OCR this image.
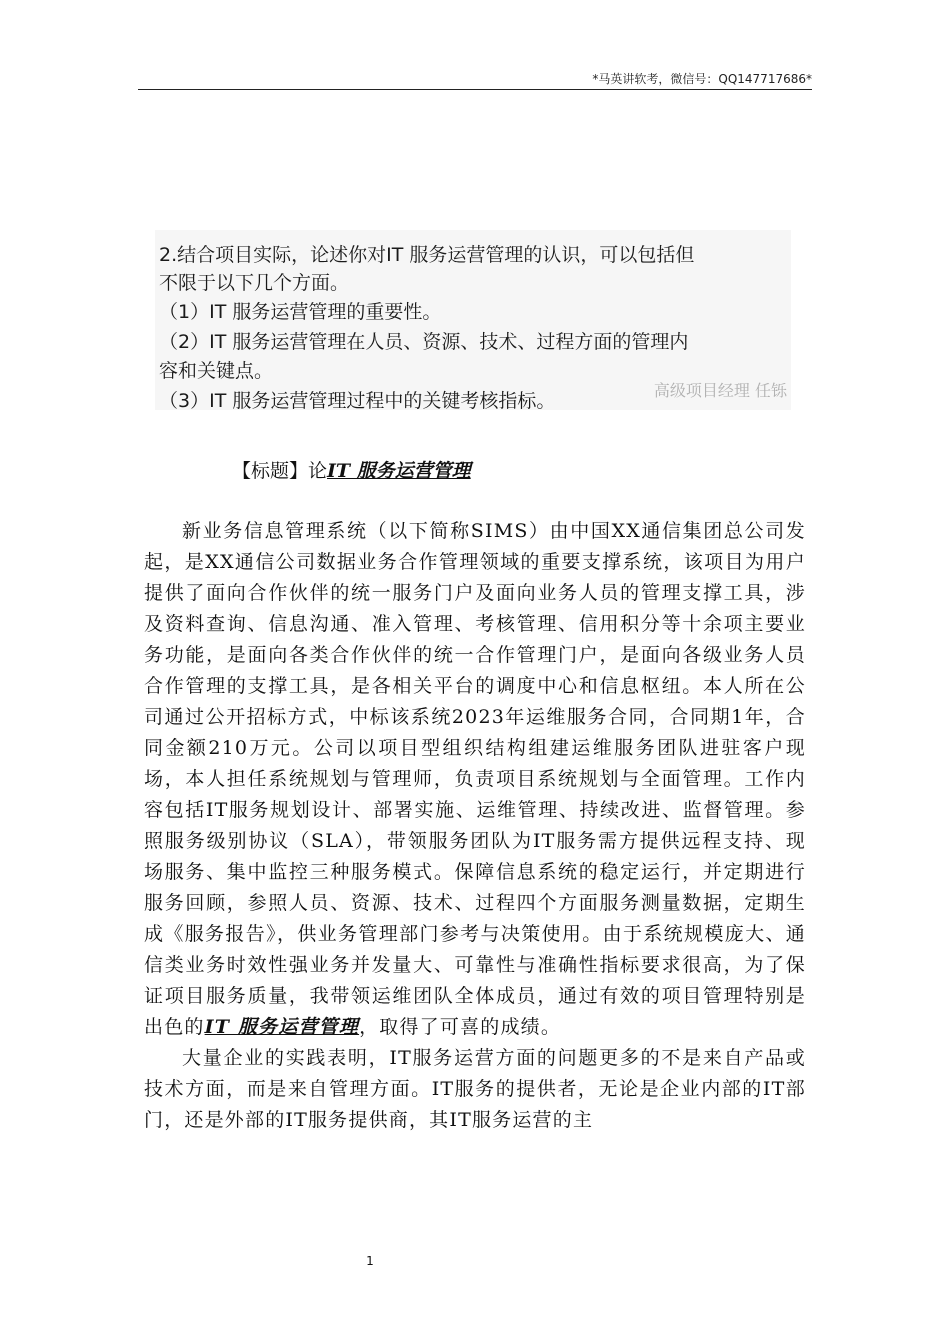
*马英讲软考，微信号：QQ147717686*
2.结合项目实际，论述你对IT 服务运营管理的认识，可以包括但
不限于以下几个方面。
（1）IT 服务运营管理的重要性。
（2）IT 服务运营管理在人员、资源、技术、过程方面的管理内
容和关键点。
（3）IT 服务运营管理过程中的关键考核指标。	高级项目经理 任铄
【标题】论IT 服务运营管理

新业务信息管理系统（以下简称SIMS）由中国XX通信集团总公司发起，是XX通信公司数据业务合作管理领域的重要支撑系统，该项目为用户提供了面向合作伙伴的统一服务门户及面向业务人员的管理支撑工具，涉及资料查询、信息沟通、准入管理、考核管理、信用积分等十余项主要业务功能，是面向各类合作伙伴的统一合作管理门户，是面向各级业务人员合作管理的支撑工具，是各相关平台的调度中心和信息枢纽。本人所在公司通过公开招标方式，中标该系统2023年运维服务合同，合同期1年，合同金额210万元。公司以项目型组织结构组建运维服务团队进驻客户现场，本人担任系统规划与管理师，负责项目系统规划与全面管理。工作内容包括IT服务规划设计、部署实施、运维管理、持续改进、监督管理。参照服务级别协议（SLA），带领服务团队为IT服务需方提供远程支持、现场服务、集中监控三种服务模式。保障信息系统的稳定运行，并定期进行服务回顾，参照人员、资源、技术、过程四个方面服务测量数据，定期生成《服务报告》，供业务管理部门参考与决策使用。由于系统规模庞大、通信类业务时效性强业务并发量大、可靠性与准确性指标要求很高，为了保证项目服务质量，我带领运维团队全体成员，通过有效的项目管理特别是出色的IT 服务运营管理，取得了可喜的成绩。

大量企业的实践表明，IT服务运营方面的问题更多的不是来自产品或技术方面，而是来自管理方面。IT服务的提供者，无论是企业内部的IT部门，还是外部的IT服务提供商，其IT服务运营的主

1
